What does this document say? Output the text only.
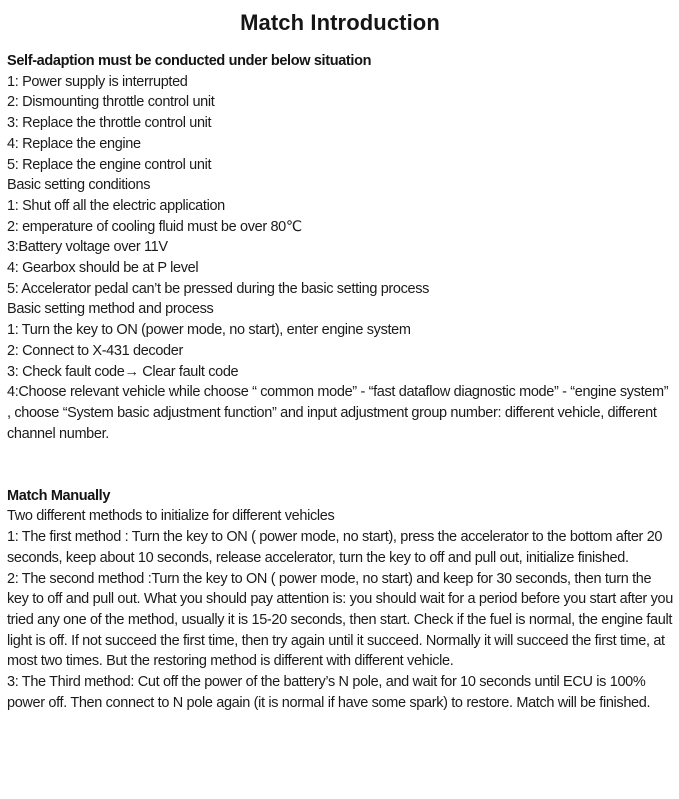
Match Introduction

Self-adaption must be conducted under below situation

1: Power supply is interrupted

2: Dismounting throttle control unit

3: Replace the throttle control unit

4: Replace the engine

5: Replace the engine control unit

Basic setting conditions

1: Shut off all the electric application

2: emperature of cooling fluid must be over 80℃

3:Battery voltage over 11V

4: Gearbox should be at P level

5: Accelerator pedal can’t be pressed during the basic setting process

Basic setting method and process

1: Turn the key to ON (power mode, no start), enter engine system

2: Connect to X-431 decoder

3: Check fault code→ Clear fault code

4:Choose relevant vehicle while choose “ common mode” - “fast dataflow diagnostic mode” - “engine system” , choose “System basic adjustment function” and input adjustment group number: different vehicle, different channel number.

Match Manually

Two different methods to initialize for different vehicles

1: The first method : Turn the key to ON ( power mode, no start), press the accelerator to the bottom after 20 seconds, keep about 10 seconds, release accelerator, turn the key to off and pull out, initialize finished.

2: The second method :Turn the key to ON ( power mode, no start) and keep for 30 seconds, then turn the key to off and pull out. What you should pay attention is: you should wait for a period before you start after you tried any one of the method, usually it is 15-20 seconds, then start. Check if the fuel is normal, the engine fault light is off. If not succeed the first time, then try again until it succeed. Normally it will succeed the first time, at most two times. But the restoring method is different with different vehicle.

3: The Third method: Cut off the power of the battery’s N pole, and wait for 10 seconds until ECU is 100% power off. Then connect to N pole again (it is normal if have some spark) to restore. Match will be finished.
